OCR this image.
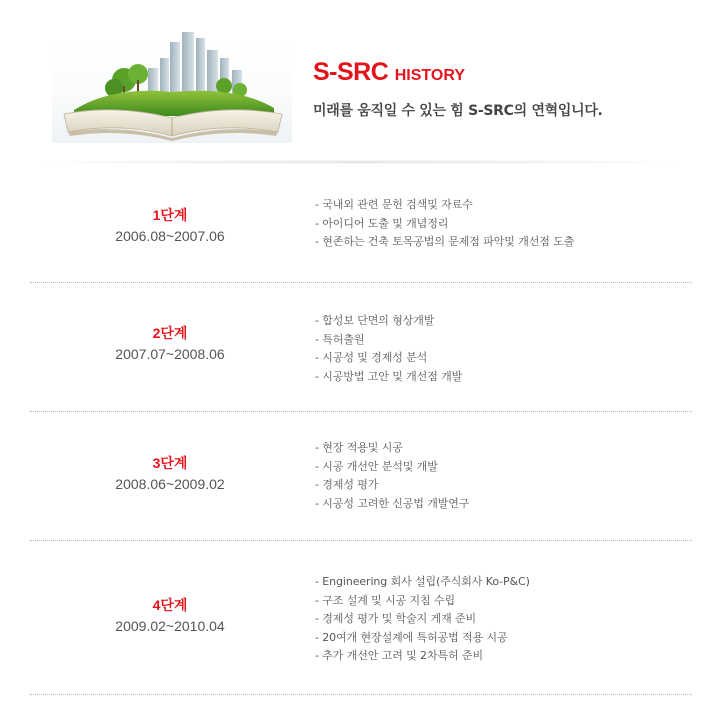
S-SRC HISTORY
미래를 움직일 수 있는 힘 S-SRC의 연혁입니다.
1단계
2006.08~2007.06
- 국내외 관련 문헌 검색및 자료수
- 아이디어 도출 및 개념정리
- 현존하는 건축 토목공법의 문제점 파악및 개선점 도출
2단계
2007.07~2008.06
- 합성보 단면의 형상개발
- 특허출원
- 시공성 및 경제성 분석
- 시공방법 고안 및 개선점 개발
3단계
2008.06~2009.02
- 현장 적용및 시공
- 시공 개선안 분석및 개발
- 경제성 평가
- 시공성 고려한 신공법 개발연구
4단계
2009.02~2010.04
- Engineering 회사 설립(주식회사 Ko-P&C)
- 구조 설계 및 시공 지침 수립
- 경제성 평가 및 학술지 게재 준비
- 20여개 현장설계에 특허공법 적용 시공
- 추가 개선안 고려 및 2차특허 준비
